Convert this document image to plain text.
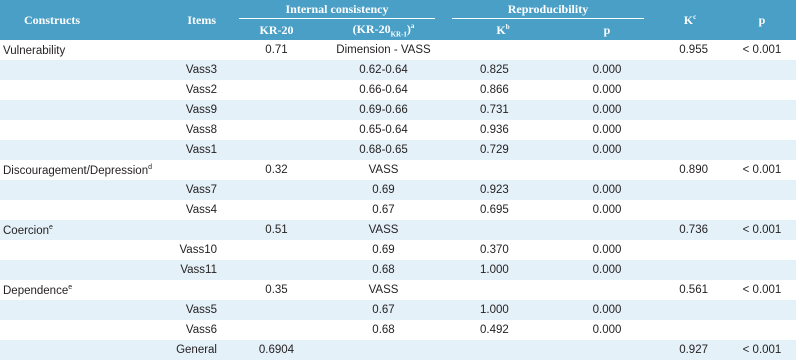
Constructs	Items	Internal consistency		Reproducibility		$K^c$	p
		KR-20	$(KR-20_{KR-1})^a$	$K^b$	p		
Vulnerability		0.71	Dimension - VASS			0.955	< 0.001
	Vass3		0.62-0.64	0.825	0.000		
	Vass2		0.66-0.64	0.866	0.000		
	Vass9		0.69-0.66	0.731	0.000		
	Vass8		0.65-0.64	0.936	0.000		
	Vass1		0.68-0.65	0.729	0.000		
Discouragement/Depression$^d$		0.32	VASS			0.890	< 0.001
	Vass7		0.69	0.923	0.000		
	Vass4		0.67	0.695	0.000		
Coercion$^e$		0.51	VASS			0.736	< 0.001
	Vass10		0.69	0.370	0.000		
	Vass11		0.68	1.000	0.000		
Dependence$^e$		0.35	VASS			0.561	< 0.001
	Vass5		0.67	1.000	0.000		
	Vass6		0.68	0.492	0.000		
	General	0.6904				0.927	< 0.001
